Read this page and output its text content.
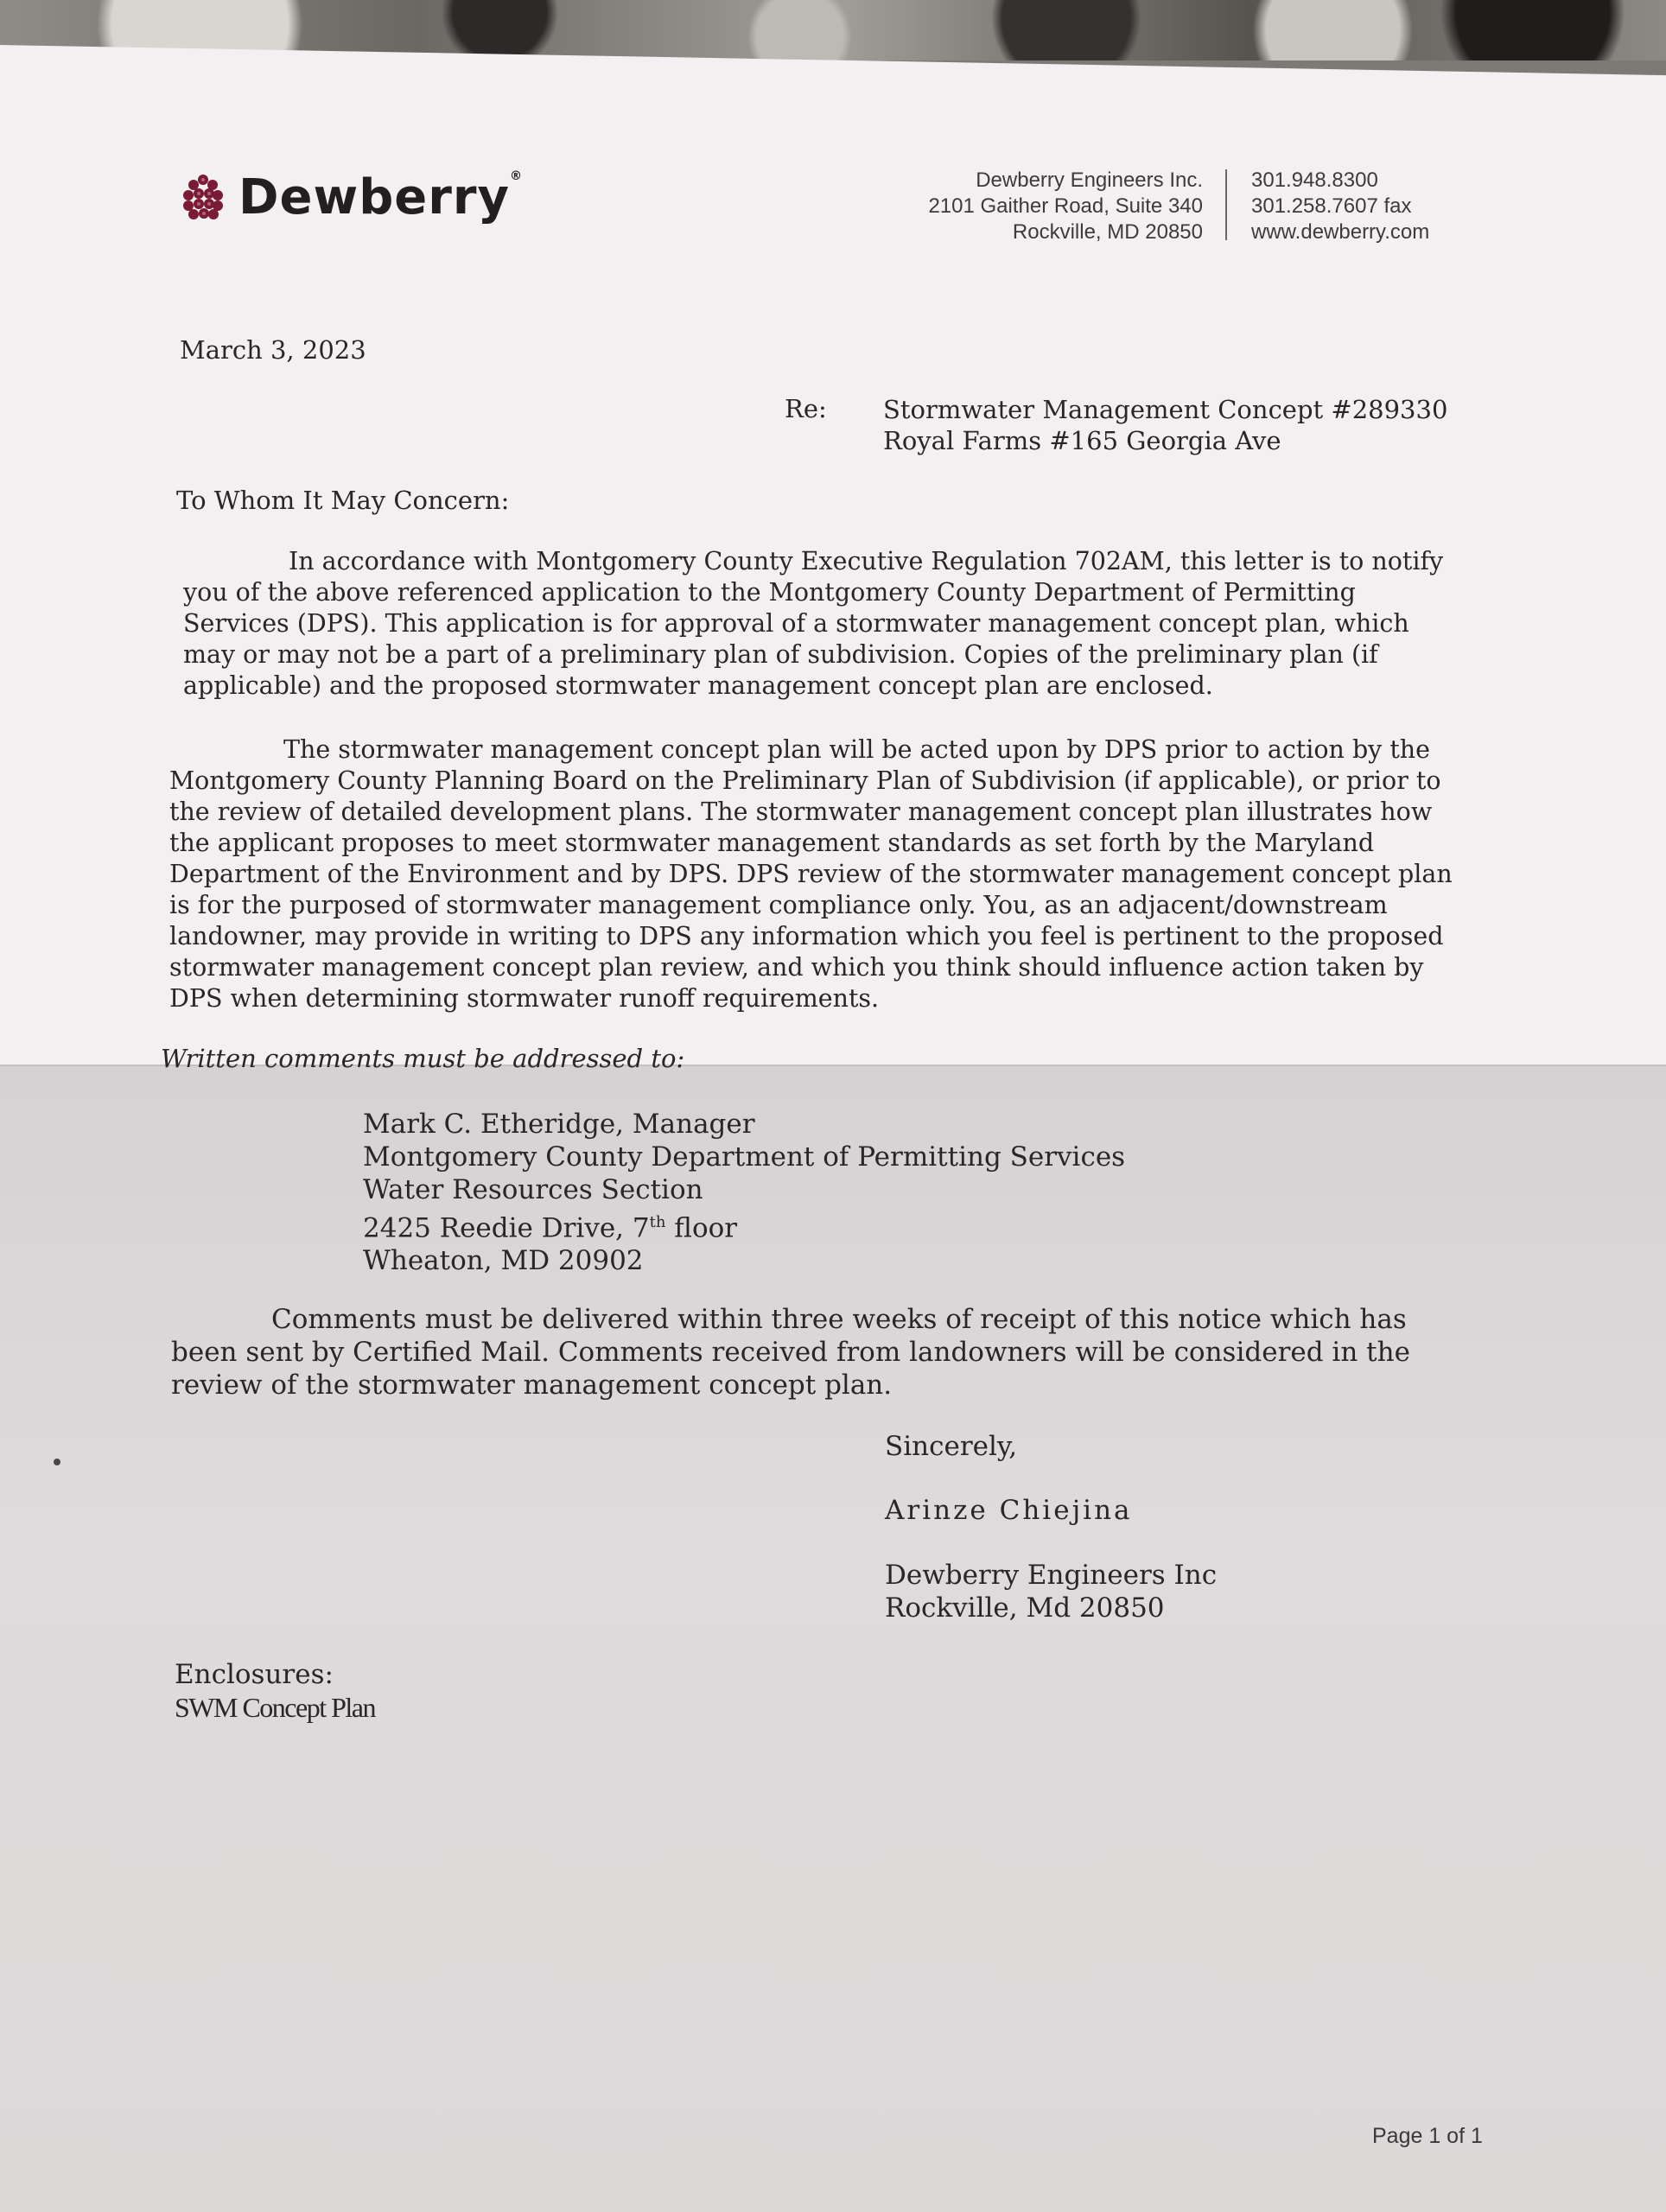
Dewberry®	Dewberry Engineers Inc.
2101 Gaither Road, Suite 340
Rockville, MD 20850
301.948.8300
301.258.7607 fax
www.dewberry.com
March 3, 2023
Re: Stormwater Management Concept #289330
Royal Farms #165 Georgia Ave
To Whom It May Concern:

In accordance with Montgomery County Executive Regulation 702AM, this letter is to notify you of the above referenced application to the Montgomery County Department of Permitting Services (DPS). This application is for approval of a stormwater management concept plan, which may or may not be a part of a preliminary plan of subdivision. Copies of the preliminary plan (if applicable) and the proposed stormwater management concept plan are enclosed.

The stormwater management concept plan will be acted upon by DPS prior to action by the Montgomery County Planning Board on the Preliminary Plan of Subdivision (if applicable), or prior to the review of detailed development plans. The stormwater management concept plan illustrates how the applicant proposes to meet stormwater management standards as set forth by the Maryland Department of the Environment and by DPS. DPS review of the stormwater management concept plan is for the purposed of stormwater management compliance only. You, as an adjacent/downstream landowner, may provide in writing to DPS any information which you feel is pertinent to the proposed stormwater management concept plan review, and which you think should influence action taken by DPS when determining stormwater runoff requirements.

Written comments must be addressed to:
Mark C. Etheridge, Manager
Montgomery County Department of Permitting Services
Water Resources Section
2425 Reedie Drive, 7th floor
Wheaton, MD 20902

Comments must be delivered within three weeks of receipt of this notice which has been sent by Certified Mail. Comments received from landowners will be considered in the review of the stormwater management concept plan.

Sincerely,
Arinze Chiejina
Dewberry Engineers Inc
Rockville, Md 20850
Enclosures:
SWM Concept Plan
Page 1 of 1
